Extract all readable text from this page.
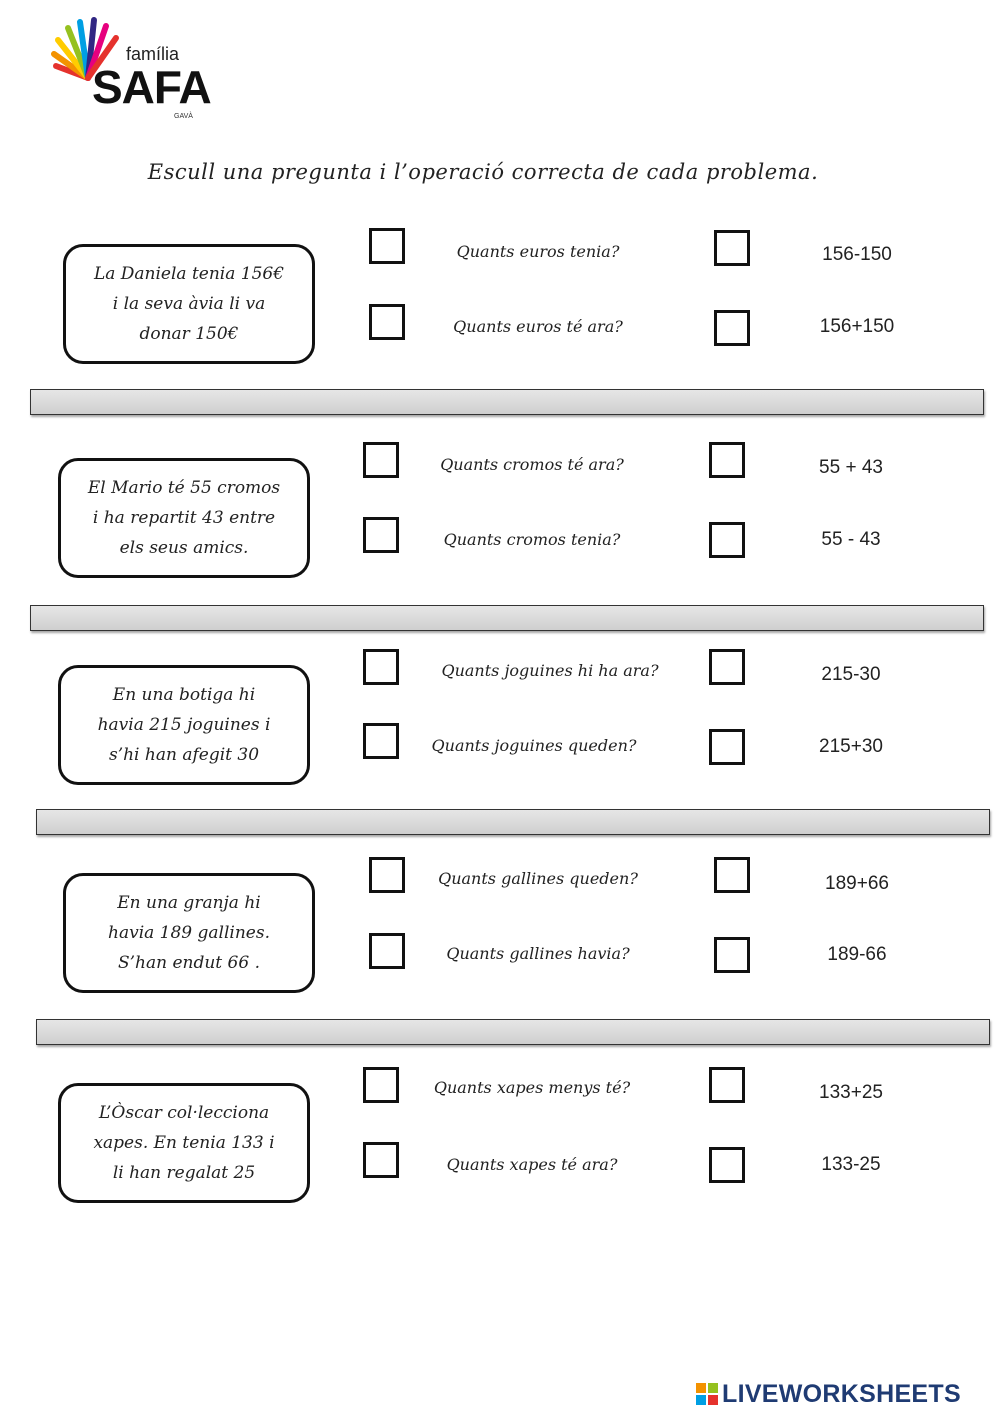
família
SAFA
GAVÀ
Escull una pregunta i l’operació correcta de cada problema.
La Daniela tenia 156€
i la seva àvia li va
donar 150€
Quants euros tenia?	156-150
Quants euros té ara?	156+150
El Mario té 55 cromos
i ha repartit 43 entre
els seus amics.
Quants cromos té ara?	55 + 43
Quants cromos tenia?	55 - 43
En una botiga hi
havia 215 joguines i
s’hi han afegit 30
Quants joguines hi ha ara?	215-30
Quants joguines queden?	215+30
En una granja hi
havia 189 gallines.
S’han endut 66 .
Quants gallines queden?	189+66
Quants gallines havia?	189-66
L’Òscar col·lecciona
xapes. En tenia 133 i
li han regalat 25
Quants xapes menys té?	133+25
Quants xapes té ara?	133-25
LIVEWORKSHEETS
